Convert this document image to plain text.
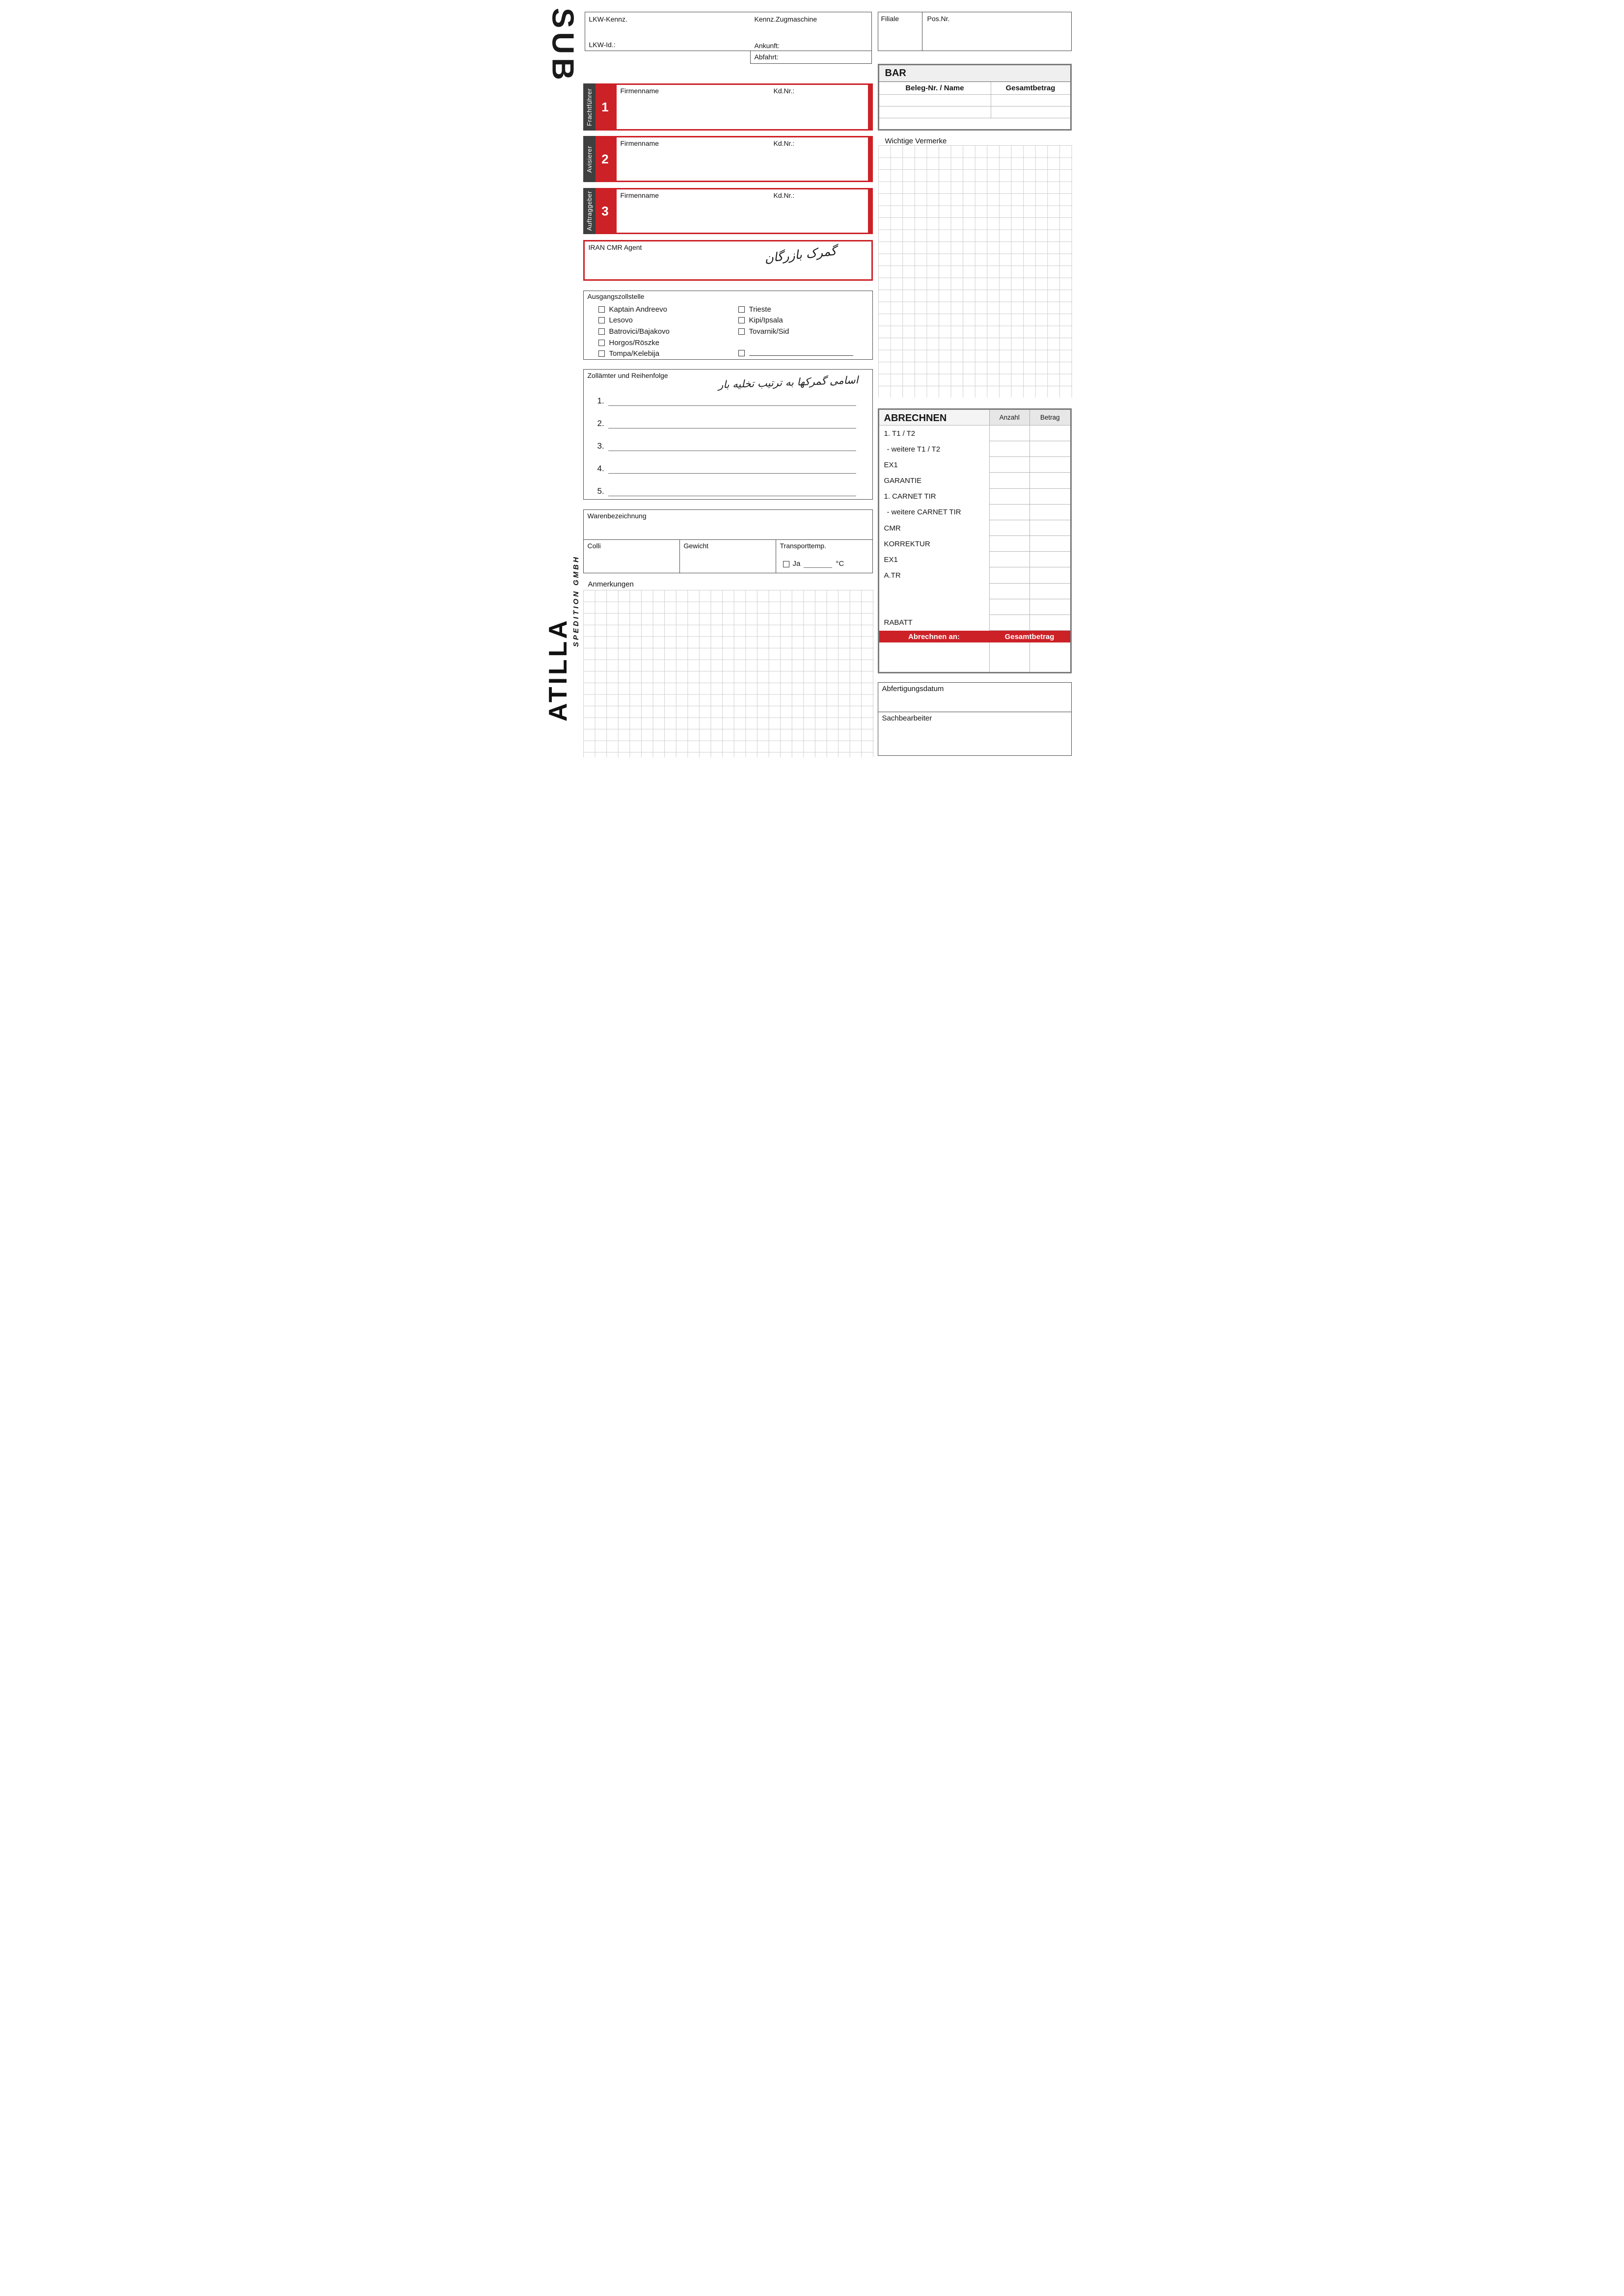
SUB
ATILLA
SPEDITION GMBH
LKW-Kennz.	Kennz.Zugmaschine
LKW-Id.:	Ankunft:
Abfahrt:
Filiale	Pos.Nr.
BAR
Beleg-Nr. / Name	Gesamtbetrag
Frachtführer 1
Firmenname	Kd.Nr.:
Avisierer 2
Firmenname	Kd.Nr.:
Auftraggeber 3
Firmenname	Kd.Nr.:
IRAN CMR Agent	گمرک بازرگان
Ausgangszollstelle
Kaptain Andreevo
Lesovo
Batrovici/Bajakovo
Horgos/Röszke
Tompa/Kelebija
Trieste
Kipi/Ipsala
Tovarnik/Sid
Zollämter und Reihenfolge	اسامی گمرکها به ترتیب تخلیه بار
1.
2.
3.
4.
5.
Warenbezeichnung
Colli	Gewicht	Transporttemp.
Ja	°C
Anmerkungen
Wichtige Vermerke
ABRECHNEN	Anzahl	Betrag
1. T1 / T2
- weitere T1 / T2
EX1
GARANTIE
1. CARNET TIR
- weitere CARNET TIR
CMR
KORREKTUR
EX1
A.TR
RABATT
Abrechnen an:	Gesamtbetrag
Abfertigungsdatum
Sachbearbeiter
